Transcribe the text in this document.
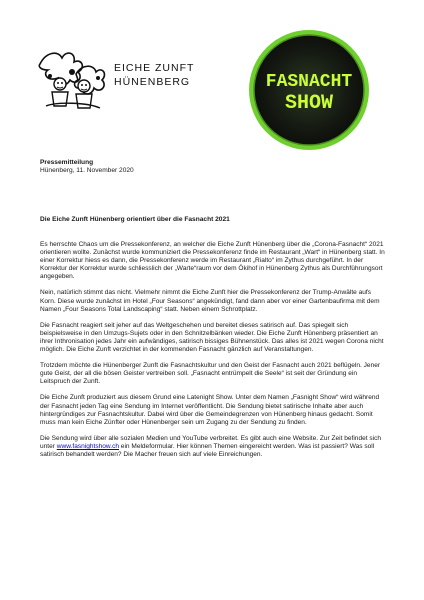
EICHE ZUNFT
HÜNENBERG	FASNACHT
SHOW
Pressemitteilung
Hünenberg, 11. November 2020
Die Eiche Zunft Hünenberg orientiert über die Fasnacht 2021

Es herrschte Chaos um die Pressekonferenz, an welcher die Eiche Zunft Hünenberg über die „Corona-Fasnacht“ 2021 orientieren wollte. Zunächst wurde kommuniziert die Pressekonferenz finde im Restaurant „Wart“ in Hünenberg statt. In einer Korrektur hiess es dann, die Pressekonferenz werde im Restaurant „Rialto“ im Zythus durchgeführt. In der Korrektur der Korrektur wurde schliesslich der „Warte“raum vor dem Ökihof in Hünenberg Zythus als Durchführungsort angegeben.

Nein, natürlich stimmt das nicht. Vielmehr nimmt die Eiche Zunft hier die Pressekonferenz der Trump-Anwälte aufs Korn. Diese wurde zunächst im Hotel „Four Seasons“ angekündigt, fand dann aber vor einer Gartenbaufirma mit dem Namen „Four Seasons Total Landscaping“ statt. Neben einem Schrottplatz.

Die Fasnacht reagiert seit jeher auf das Weltgeschehen und bereitet dieses satirisch auf. Das spiegelt sich beispielsweise in den Umzugs-Sujets oder in den Schnitzelbänken wieder. Die Eiche Zunft Hünenberg präsentiert an ihrer Inthronisation jedes Jahr ein aufwändiges, satirisch bissiges Bühnenstück. Das alles ist 2021 wegen Corona nicht möglich. Die Eiche Zunft verzichtet in der kommenden Fasnacht gänzlich auf Veranstaltungen.

Trotzdem möchte die Hünenberger Zunft die Fasnachtskultur und den Geist der Fasnacht auch 2021 beflügeln. Jener gute Geist, der all die bösen Geister vertreiben soll. „Fasnacht entrümpelt die Seele“ ist seit der Gründung ein Leitspruch der Zunft.

Die Eiche Zunft produziert aus diesem Grund eine Latenight Show. Unter dem Namen „Fasnight Show“ wird während der Fasnacht jeden Tag eine Sendung im Internet veröffentlicht. Die Sendung bietet satirische Inhalte aber auch hintergründiges zur Fasnachtskultur. Dabei wird über die Gemeindegrenzen von Hünenberg hinaus gedacht. Somit muss man kein Eiche Zünfter oder Hünenberger sein um Zugang zu der Sendung zu finden.

Die Sendung wird über alle sozialen Medien und YouTube verbreitet. Es gibt auch eine Website. Zur Zeit befindet sich unter www.fasnightshow.ch ein Meldeformular. Hier können Themen eingereicht werden. Was ist passiert? Was soll satirisch behandelt werden? Die Macher freuen sich auf viele Einreichungen.
